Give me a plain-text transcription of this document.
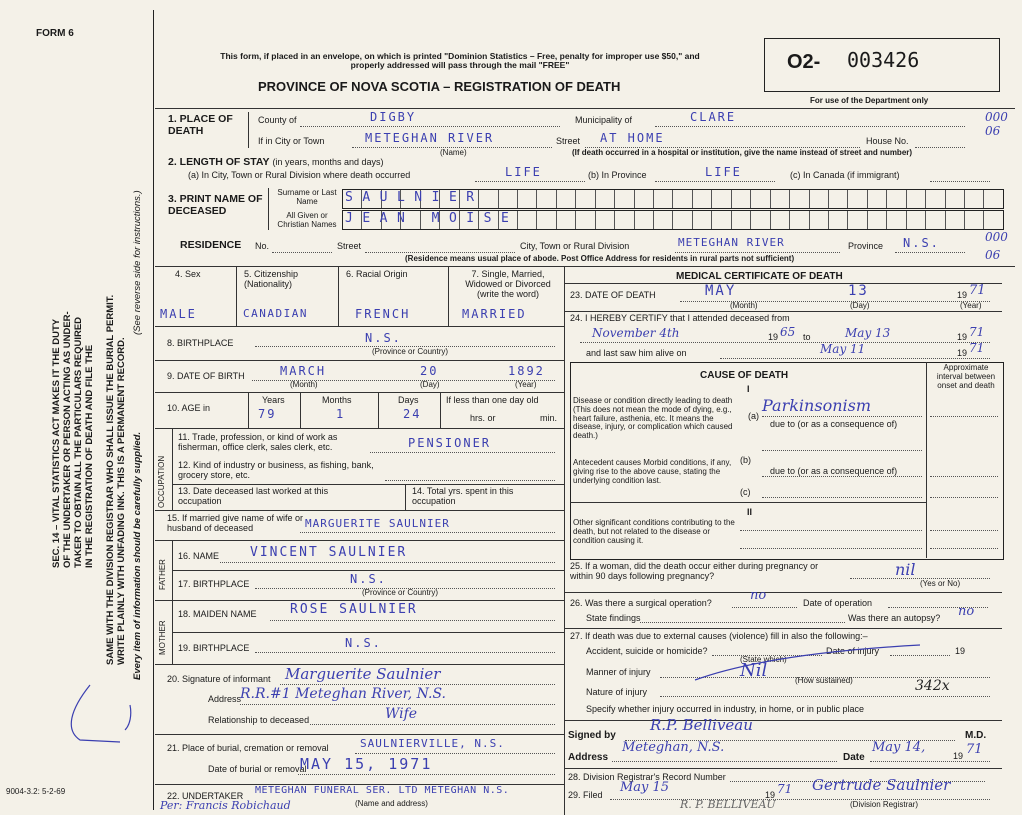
FORM 6
SEC. 14 – VITAL STATISTICS ACT MAKES IT THE DUTY OF THE UNDERTAKER OR PERSON ACTING AS UNDER- TAKER TO OBTAIN ALL THE PARTICULARS REQUIRED IN THE REGISTRATION OF DEATH AND FILE THE SAME WITH THE DIVISION REGISTRAR WHO SHALL ISSUE THE BURIAL PERMIT. WRITE PLAINLY WITH UNFADING INK. THIS IS A PERMANENT RECORD.
(See reverse side for instructions.)
Every item of information should be carefully supplied.
9004-3.2: 5-2-69
This form, if placed in an envelope, on which is printed "Dominion Statistics – Free, penalty for improper use $50," and properly addressed will pass through the mail "FREE"
PROVINCE OF NOVA SCOTIA – REGISTRATION OF DEATH
O2- 003426
For use of the Department only
000
06
1. PLACE OF DEATH
County of	DIGBY	Municipality of	CLARE
If in City or Town	METEGHAN RIVER
(Name)
Street AT HOME	House No.
(If death occurred in a hospital or institution, give the name instead of street and number)
2. LENGTH OF STAY (in years, months and days)
(a) In City, Town or Rural Division where death occurred	LIFE	(b) In Province	LIFE	(c) In Canada (if immigrant)
3. PRINT NAME OF DECEASED
Surname or Last Name
All Given or Christian Names
SAULNIER
JEAN MOISE
RESIDENCE No.	Street	City, Town or Rural Division	METEGHAN RIVER	Province N.S.	000
06
(Residence means usual place of abode. Post Office Address for residents in rural parts not sufficient)
4. Sex	5. Citizenship (Nationality)
6. Racial Origin	7. Single, Married, Widowed or Divorced (write the word)
MALE	CANADIAN	FRENCH	MARRIED
8. BIRTHPLACE	N.S.
(Province or Country)
9. DATE OF BIRTH	MARCH	20	1892
(Month)	(Day)	(Year)
10. AGE in
Years	Months	Days
79	1	24
If less than one day old
hrs. or	min.
OCCUPATION
11. Trade, profession, or kind of work as fisherman, office clerk, sales clerk, etc.	PENSIONER
12. Kind of industry or business, as fishing, bank, grocery store, etc.
13. Date deceased last worked at this occupation
14. Total yrs. spent in this occupation
15. If married give name of wife or husband of deceased	MARGUERITE SAULNIER
FATHER
16. NAME VINCENT SAULNIER
17. BIRTHPLACE	N.S.
(Province or Country)
MOTHER
18. MAIDEN NAME	ROSE SAULNIER
19. BIRTHPLACE	N.S.
20. Signature of informant Marguerite Saulnier
Address
R.R.#1 Meteghan River, N.S.
Relationship to deceased	Wife
21. Place of burial, cremation or removal	SAULNIERVILLE, N.S.
Date of burial or removal
MAY 15, 1971
22. UNDERTAKER METEGHAN FUNERAL SER. LTD METEGHAN N.S.
(Name and address)
Per: Francis Robichaud
MEDICAL CERTIFICATE OF DEATH
23. DATE OF DEATH	MAY	13	19 71
(Month)	(Day)	(Year)
24. I HEREBY CERTIFY that I attended deceased from
November 4th	19 65 to	May 13	19 71
and last saw him alive on	May 11	19 71
CAUSE OF DEATH
Approximate interval between onset and death
I
Disease or condition directly leading to death (This does not mean the mode of dying, e.g., heart failure, asthenia, etc. It means the disease, injury, or complication which caused death.)
(a)
Parkinsonism
due to (or as a consequence of)
Antecedent causes Morbid conditions, if any, giving rise to the above cause, stating the underlying condition last.
(b)
due to (or as a consequence of)
(c)
II
Other significant conditions contributing to the death, but not related to the disease or condition causing it.
25. If a woman, did the death occur either during pregnancy or within 90 days following pregnancy?	nil
(Yes or No)
26. Was there a surgical operation?	no	Date of operation
State findings	Was there an autopsy? no
27. If death was due to external causes (violence) fill in also the following:–
Accident, suicide or homicide?
(State which)
Date of injury	19
Manner of injury	Nil	(How sustained)
Nature of injury	342x
Specify whether injury occurred in industry, in home, or in public place
Signed by
R.P. Belliveau
M.D.
Address
Meteghan, N.S.
Date
May 14,
19 71
28. Division Registrar's Record Number
29. Filed May 15	19 71 Gertrude Saulnier
(Division Registrar)
R. P. BELLIVEAU
